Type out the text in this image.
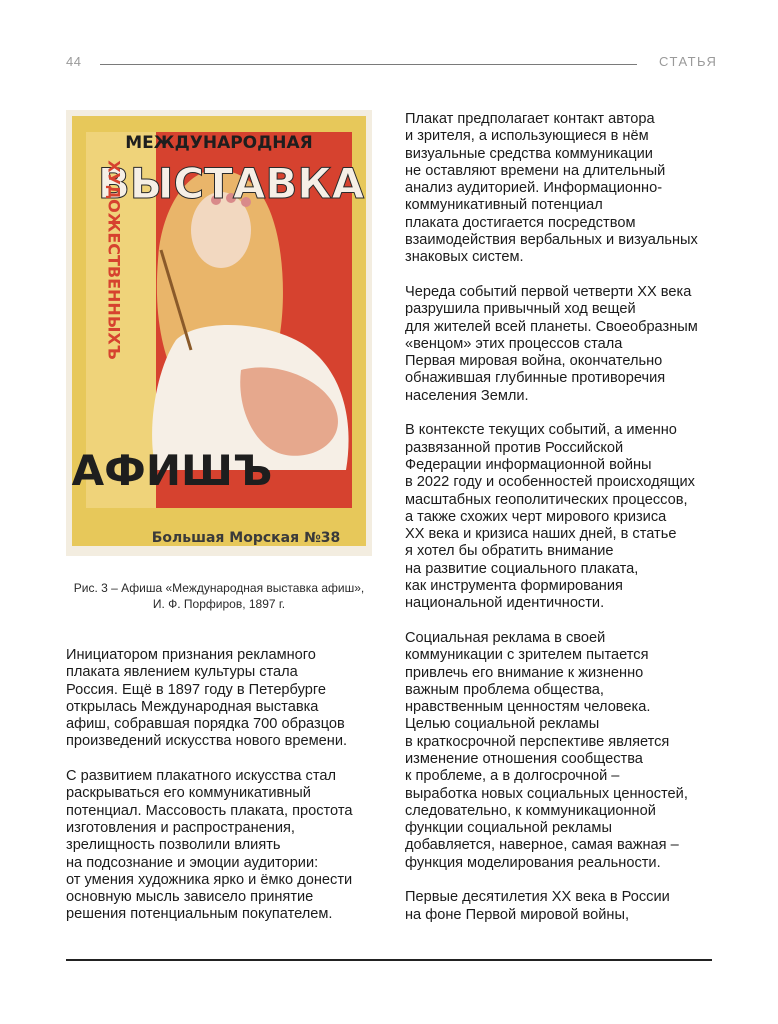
44	СТАТЬЯ
МЕЖДУНАРОДНАЯ
ВЫСТАВКА
ХУДОЖЕСТВЕННЫХЪ
АФИШЪ
Большая Морская №38
Рис. 3 – Афиша «Международная выставка афиш»,
И. Ф. Порфиров, 1897 г.

Инициатором признания рекламного
плаката явлением культуры стала
Россия. Ещё в 1897 году в Петербурге
открылась Международная выставка
афиш, собравшая порядка 700 образцов
произведений искусства нового времени.

С развитием плакатного искусства стал
раскрываться его коммуникативный
потенциал. Массовость плаката, простота
изготовления и распространения,
зрелищность позволили влиять
на подсознание и эмоции аудитории:
от умения художника ярко и ёмко донести
основную мысль зависело принятие
решения потенциальным покупателем.

Плакат предполагает контакт автора
и зрителя, а использующиеся в нём
визуальные средства коммуникации
не оставляют времени на длительный
анализ аудиторией. Информационно-
коммуникативный потенциал
плаката достигается посредством
взаимодействия вербальных и визуальных
знаковых систем.

Череда событий первой четверти ХХ века
разрушила привычный ход вещей
для жителей всей планеты. Своеобразным
«венцом» этих процессов стала
Первая мировая война, окончательно
обнажившая глубинные противоречия
населения Земли.

В контексте текущих событий, а именно
развязанной против Российской
Федерации информационной войны
в 2022 году и особенностей происходящих
масштабных геополитических процессов,
а также схожих черт мирового кризиса
ХХ века и кризиса наших дней, в статье
я хотел бы обратить внимание
на развитие социального плаката,
как инструмента формирования
национальной идентичности.

Социальная реклама в своей
коммуникации с зрителем пытается
привлечь его внимание к жизненно
важным проблема общества,
нравственным ценностям человека.
Целью социальной рекламы
в краткосрочной перспективе является
изменение отношения сообщества
к проблеме, а в долгосрочной –
выработка новых социальных ценностей,
следовательно, к коммуникационной
функции социальной рекламы
добавляется, наверное, самая важная –
функция моделирования реальности.

Первые десятилетия ХХ века в России
на фоне Первой мировой войны,
